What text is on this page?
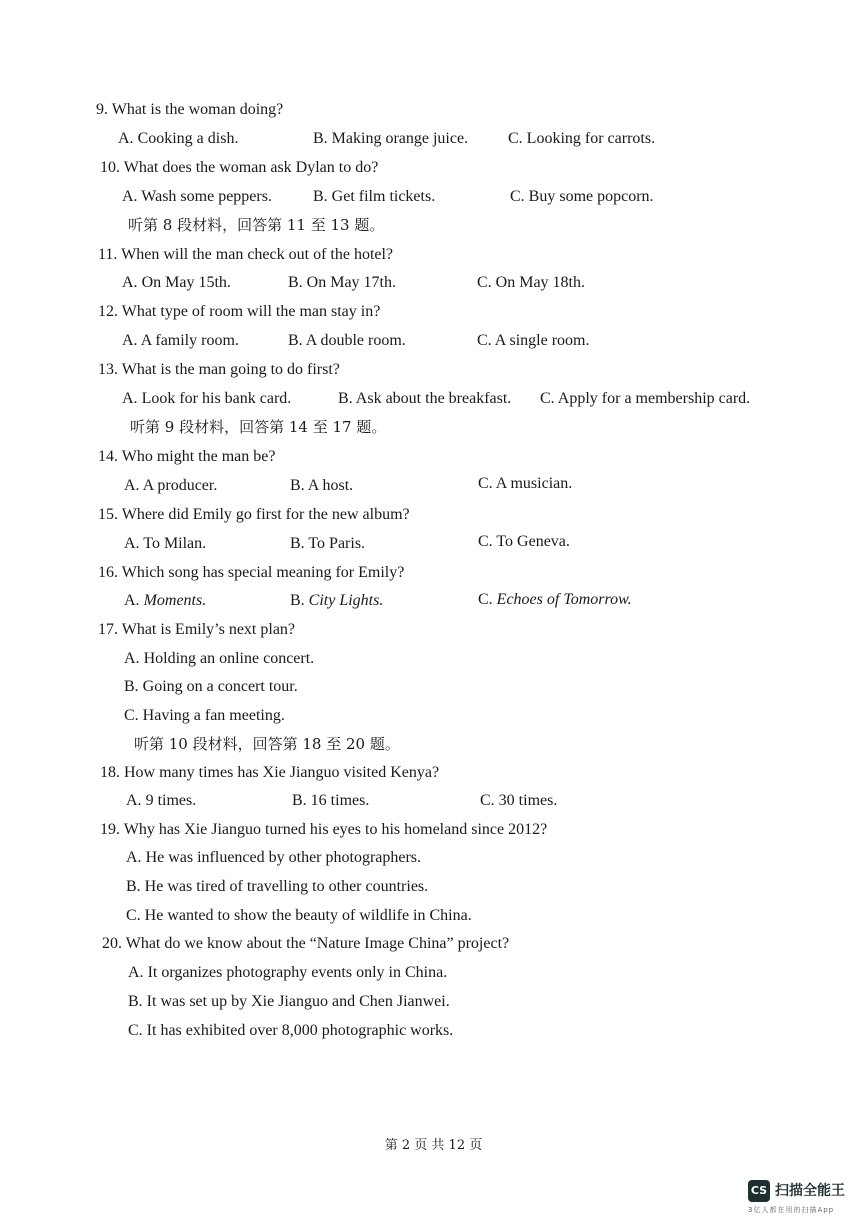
9. What is the woman doing?
A. Cooking a dish.	B. Making orange juice. C. Looking for carrots.
10. What does the woman ask Dylan to do?
A. Wash some peppers.	B. Get film tickets.	C. Buy some popcorn.
听第 8 段材料，回答第 11 至 13 题。
11. When will the man check out of the hotel?
A. On May 15th.	B. On May 17th.	C. On May 18th.
12. What type of room will the man stay in?
A. A family room.	B. A double room.	C. A single room.
13. What is the man going to do first?
A. Look for his bank card.	B. Ask about the breakfast. C. Apply for a membership card.
听第 9 段材料，回答第 14 至 17 题。
14. Who might the man be?
A. A producer.	B. A host.	C. A musician.
15. Where did Emily go first for the new album?
A. To Milan.	B. To Paris.	C. To Geneva.
16. Which song has special meaning for Emily?
A. Moments.	B. City Lights.	C. Echoes of Tomorrow.
17. What is Emily’s next plan?
A. Holding an online concert.
B. Going on a concert tour.
C. Having a fan meeting.
听第 10 段材料，回答第 18 至 20 题。
18. How many times has Xie Jianguo visited Kenya?
A. 9 times.	B. 16 times.	C. 30 times.
19. Why has Xie Jianguo turned his eyes to his homeland since 2012?
A. He was influenced by other photographers.
B. He was tired of travelling to other countries.
C. He wanted to show the beauty of wildlife in China.
20. What do we know about the “Nature Image China” project?
A. It organizes photography events only in China.
B. It was set up by Xie Jianguo and Chen Jianwei.
C. It has exhibited over 8,000 photographic works.
第 2 页 共 12 页
CS 扫描全能王
3亿人都在用的扫描App
